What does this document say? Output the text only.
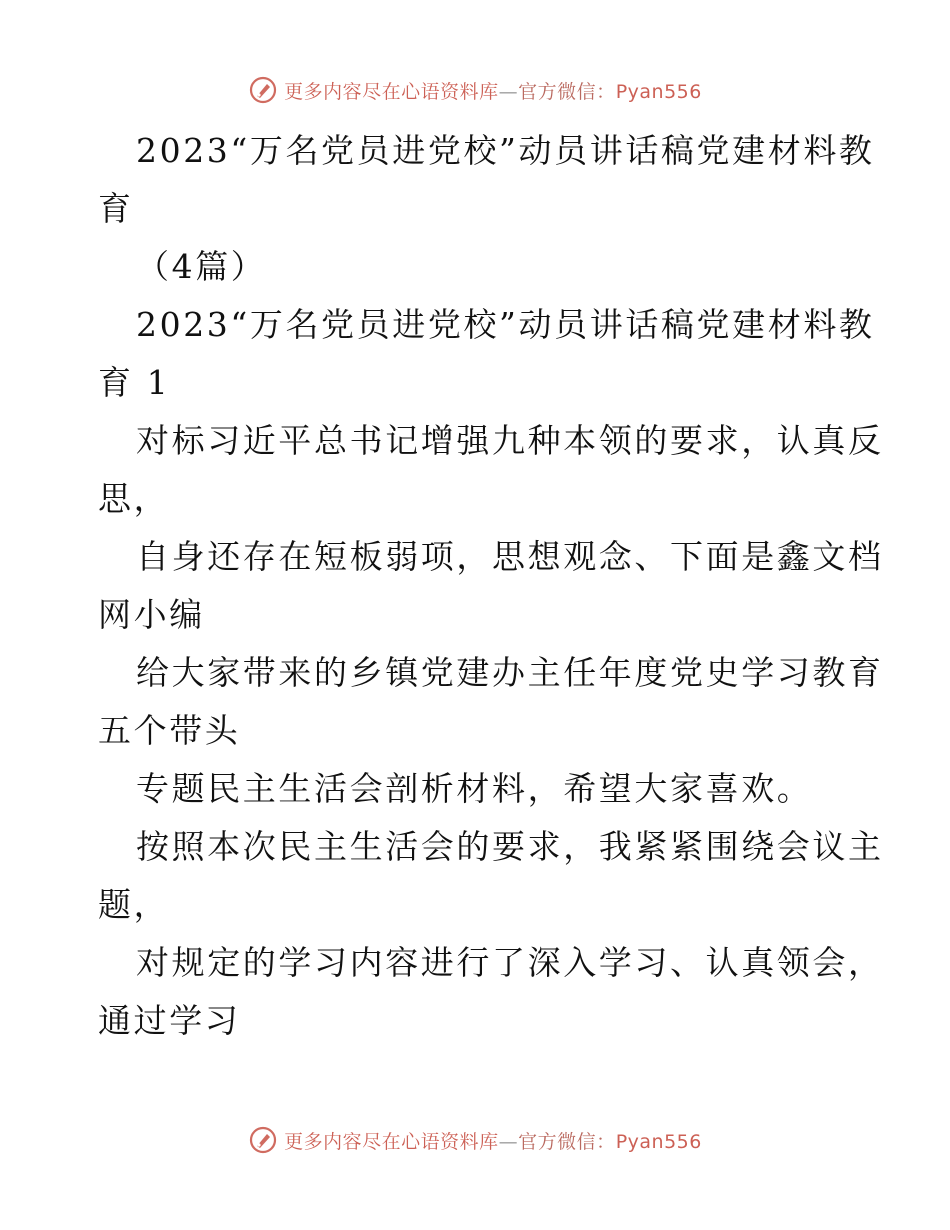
更多内容尽在心语资料库—官方微信：Pyan556
2023“万名党员进党校”动员讲话稿党建材料教
育
（4篇）
2023“万名党员进党校”动员讲话稿党建材料教
育 1
对标习近平总书记增强九种本领的要求，认真反
思，
自身还存在短板弱项，思想观念、下面是鑫文档
网小编
给大家带来的乡镇党建办主任年度党史学习教育
五个带头
专题民主生活会剖析材料，希望大家喜欢。
按照本次民主生活会的要求，我紧紧围绕会议主
题，
对规定的学习内容进行了深入学习、认真领会，
通过学习
更多内容尽在心语资料库—官方微信：Pyan556
